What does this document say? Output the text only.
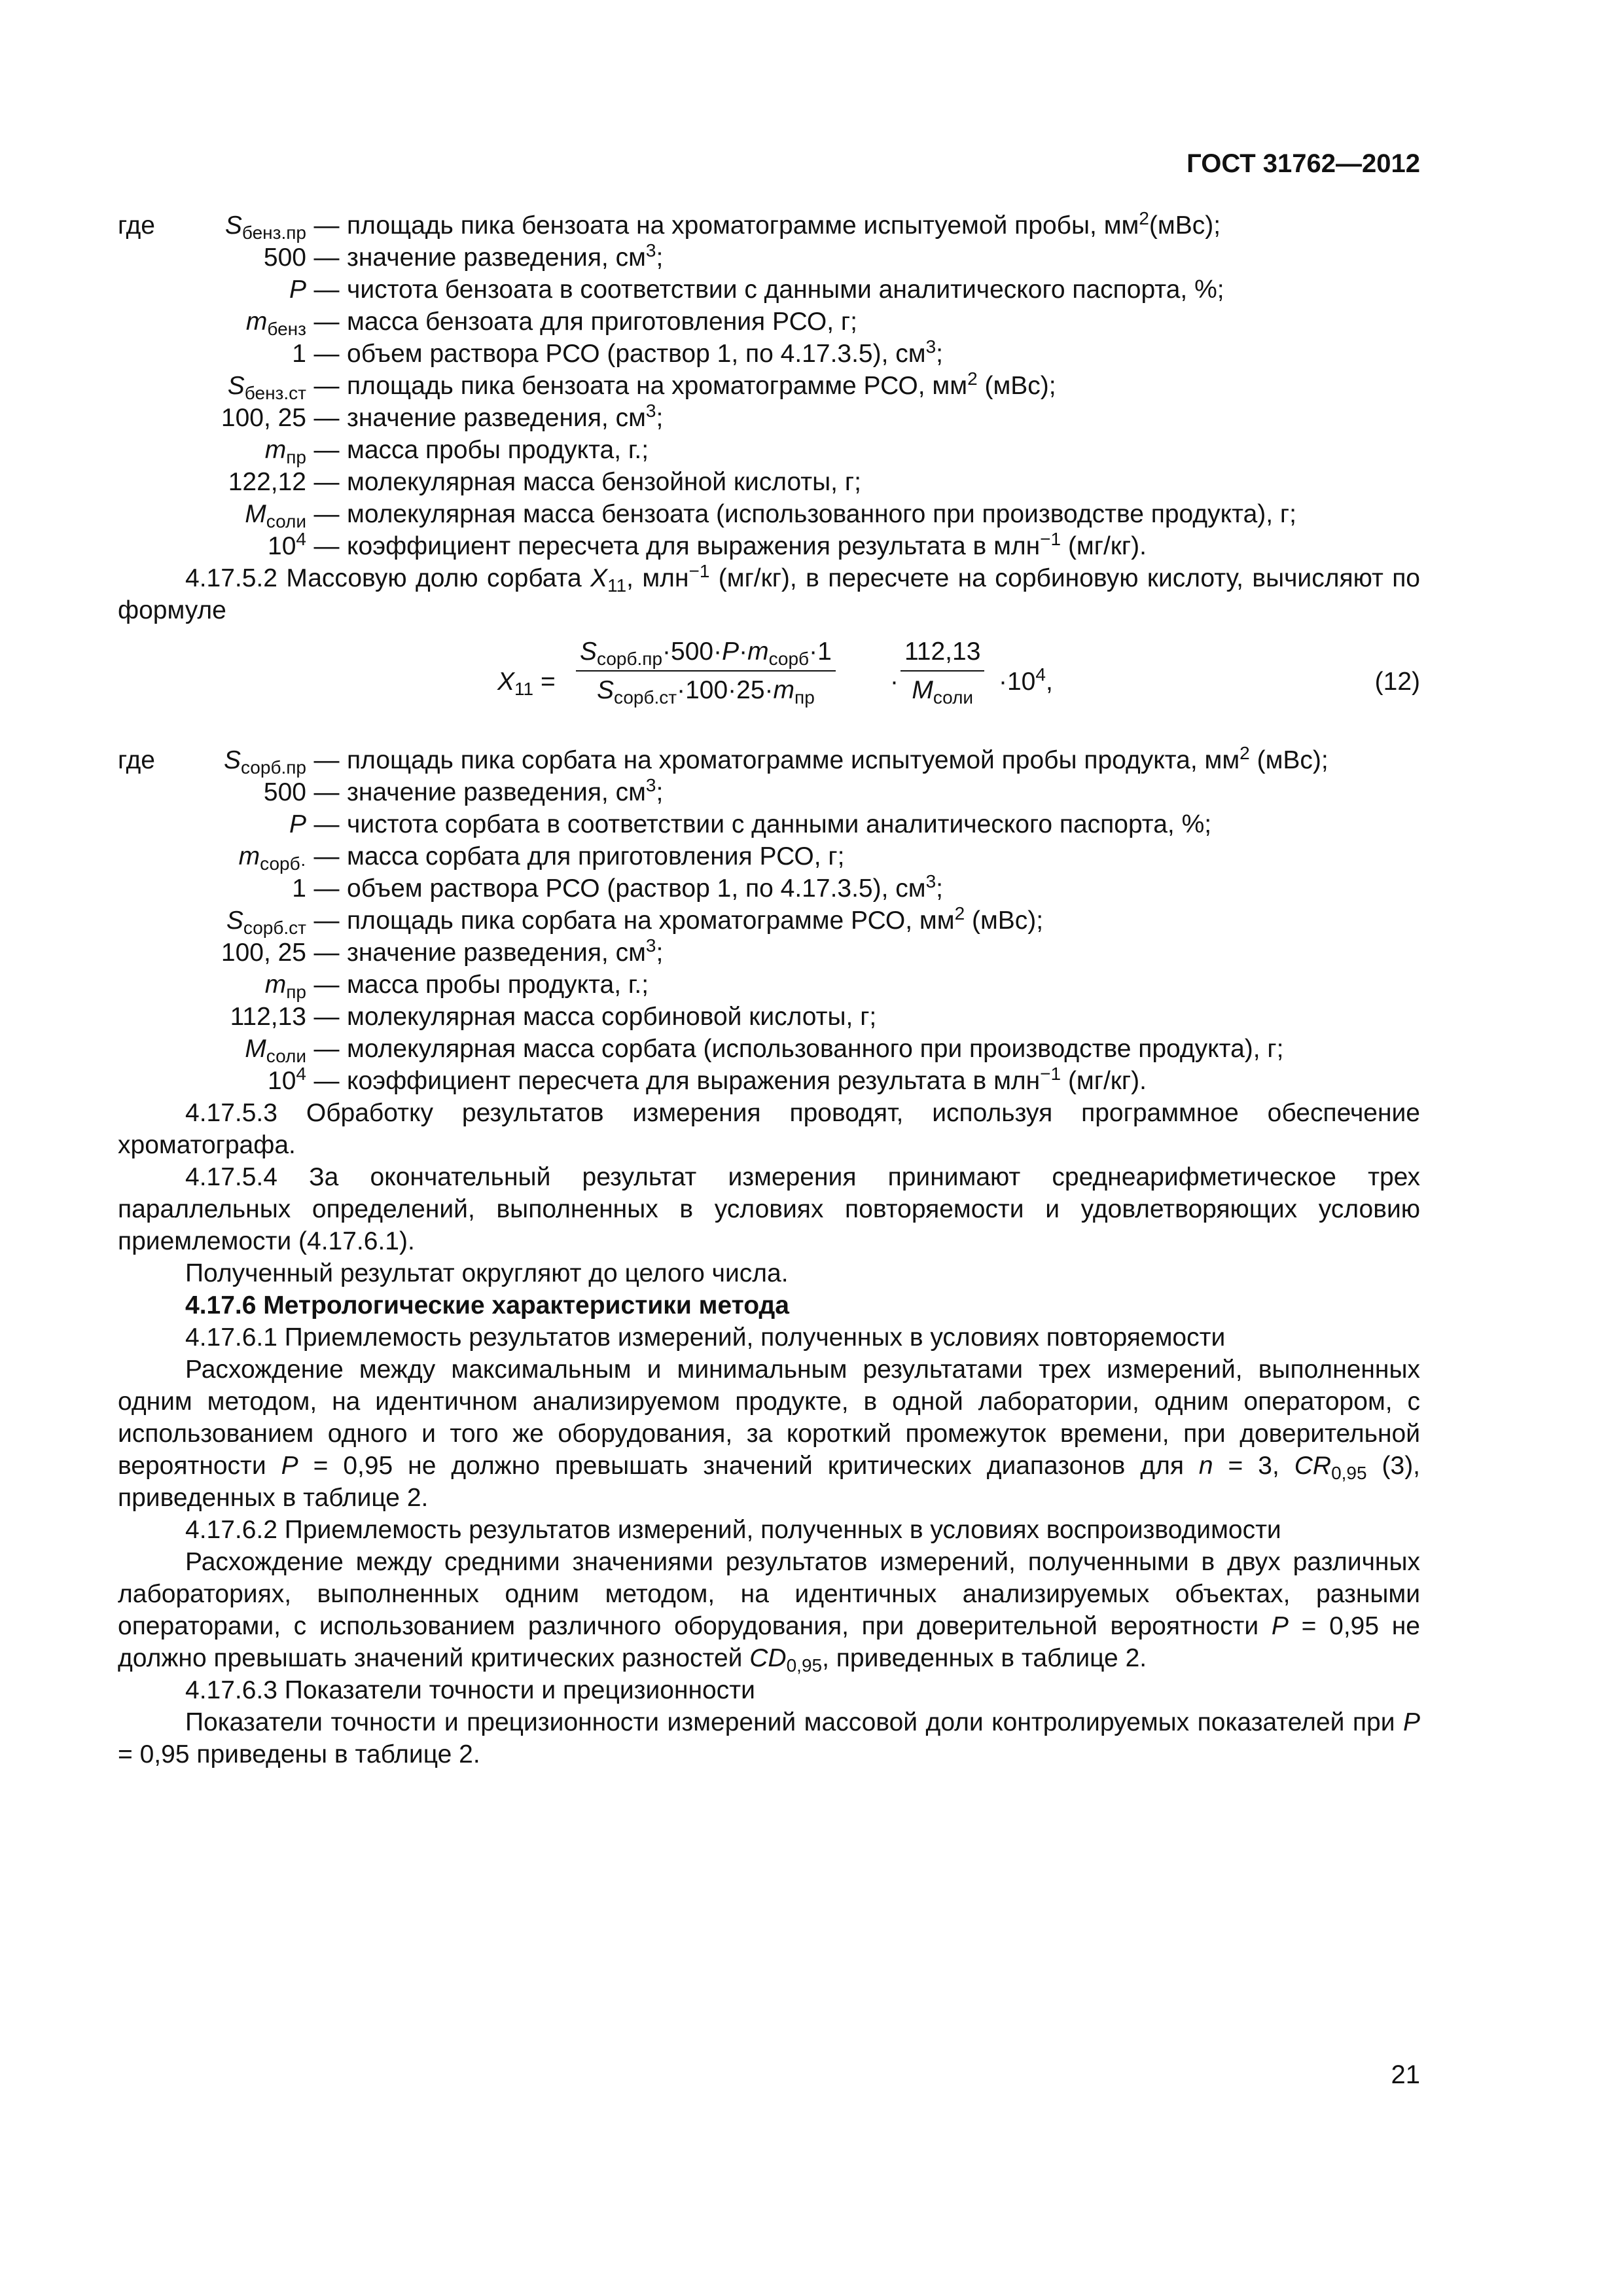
ГОСТ 31762—2012
где	$S_{бенз.пр}$ — площадь пика бензоата на хроматограмме испытуемой пробы, $мм^2(мВс)$;
500 — значение разведения, $см^3$;
P — чистота бензоата в соответствии с данными аналитического паспорта, %;
$m_{бенз}$ — масса бензоата для приготовления РСО, г;
1 — объем раствора РСО (раствор 1, по 4.17.3.5), $см^3$;
$S_{бенз.ст}$ — площадь пика бензоата на хроматограмме РСО, $мм^2$ (мВс);
100, 25 — значение разведения, $см^3$;
$m_{пр}$ — масса пробы продукта, г.;
122,12 — молекулярная масса бензойной кислоты, г;
$M_{соли}$ — молекулярная масса бензоата (использованного при производстве продукта), г;
$10^4$ — коэффициент пересчета для выражения результата в млн$^{-1}$ (мг/кг).

4.17.5.2 Массовую долю сорбата $X_{11}$, млн$^{-1}$ (мг/кг), в пересчете на сорбиновую кислоту, вычисляют по формуле

$X_{11}$ =
$S_{сорб.пр}\cdot 500\cdot P\cdot m_{сорб}\cdot 1$
$S_{сорб.ст}\cdot 100\cdot 25\cdot m_{пр}$
·
112,13
$M_{соли}$
$\cdot 10^4$,	(12)
где	$S_{сорб.пр}$ — площадь пика сорбата на хроматограмме испытуемой пробы продукта, $мм^2$ (мВс);
500 — значение разведения, $см^3$;
P — чистота сорбата в соответствии с данными аналитического паспорта, %;
$m_{сорб\cdot}$ — масса сорбата для приготовления РСО, г;
1 — объем раствора РСО (раствор 1, по 4.17.3.5), $см^3$;
$S_{сорб.ст}$ — площадь пика сорбата на хроматограмме РСО, $мм^2$ (мВс);
100, 25 — значение разведения, $см^3$;
$m_{пр}$ — масса пробы продукта, г.;
112,13 — молекулярная масса сорбиновой кислоты, г;
$M_{соли}$ — молекулярная масса сорбата (использованного при производстве продукта), г;
$10^4$ — коэффициент пересчета для выражения результата в млн$^{-1}$ (мг/кг).

4.17.5.3 Обработку результатов измерения проводят, используя программное обеспечение хроматографа.

4.17.5.4 За окончательный результат измерения принимают среднеарифметическое трех параллельных определений, выполненных в условиях повторяемости и удовлетворяющих условию приемлемости (4.17.6.1).

Полученный результат округляют до целого числа.

4.17.6 Метрологические характеристики метода

4.17.6.1 Приемлемость результатов измерений, полученных в условиях повторяемости

Расхождение между максимальным и минимальным результатами трех измерений, выполненных одним методом, на идентичном анализируемом продукте, в одной лаборатории, одним оператором, с использованием одного и того же оборудования, за короткий промежуток времени, при доверительной вероятности P = 0,95 не должно превышать значений критических диапазонов для n = 3, $CR_{0,95}$ (3), приведенных в таблице 2.

4.17.6.2 Приемлемость результатов измерений, полученных в условиях воспроизводимости

Расхождение между средними значениями результатов измерений, полученными в двух различных лабораториях, выполненных одним методом, на идентичных анализируемых объектах, разными операторами, с использованием различного оборудования, при доверительной вероятности P = 0,95 не должно превышать значений критических разностей $CD_{0,95}$, приведенных в таблице 2.

4.17.6.3 Показатели точности и прецизионности

Показатели точности и прецизионности измерений массовой доли контролируемых показателей при P = 0,95 приведены в таблице 2.

21
